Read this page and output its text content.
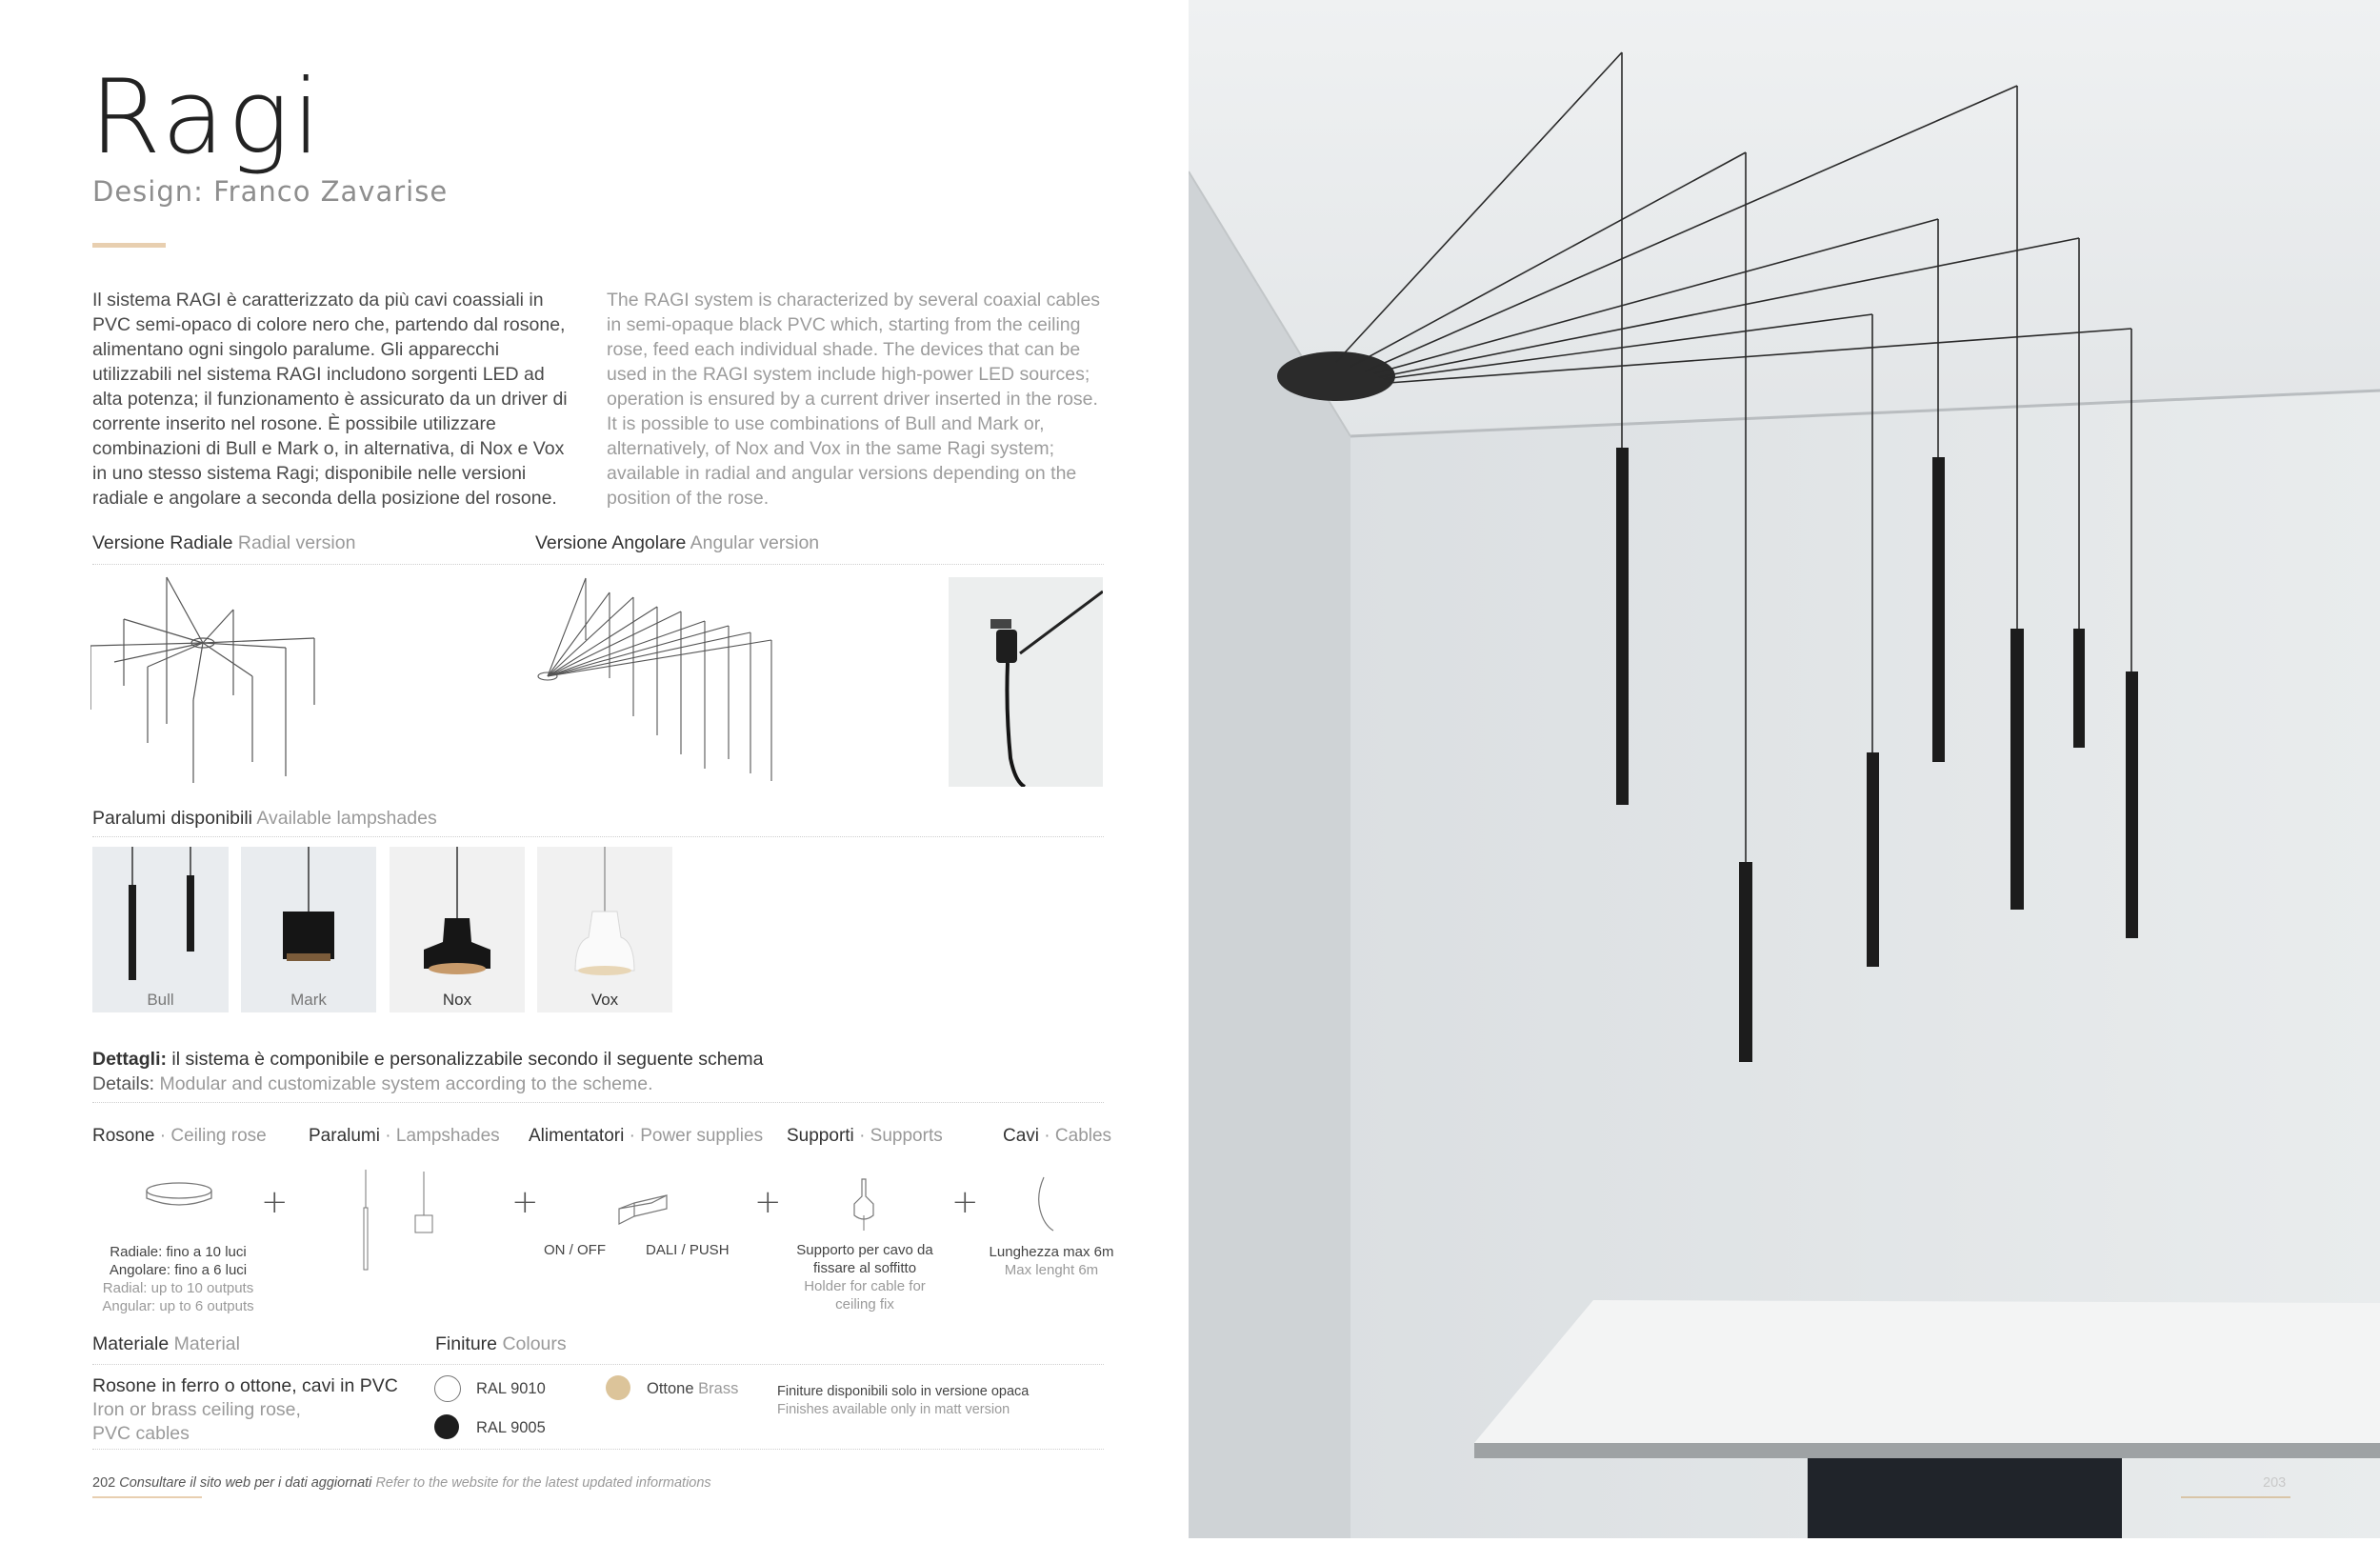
Ragi
Design: Franco Zavarise
Il sistema RAGI è caratterizzato da più cavi coassiali in PVC semi-opaco di colore nero che, partendo dal rosone, alimentano ogni singolo paralume. Gli apparecchi utilizzabili nel sistema RAGI includono sorgenti LED ad alta potenza; il funzionamento è assicurato da un driver di corrente inserito nel rosone. È possibile utilizzare combinazioni di Bull e Mark o, in alternativa, di Nox e Vox in uno stesso sistema Ragi; disponibile nelle versioni radiale e angolare a seconda della posizione del rosone.
The RAGI system is characterized by several coaxial cables in semi-opaque black PVC which, starting from the ceiling rose, feed each individual shade. The devices that can be used in the RAGI system include high-power LED sources; operation is ensured by a current driver inserted in the rose. It is possible to use combinations of Bull and Mark or, alternatively, of Nox and Vox in the same Ragi system; available in radial and angular versions depending on the position of the rose.
Versione Radiale Radial version	Versione Angolare Angular version
Paralumi disponibili Available lampshades
Bull	Mark	Nox	Vox
Dettagli: il sistema è componibile e personalizzabile secondo il seguente schema
Details: Modular and customizable system according to the scheme.
Rosone · Ceiling rose Paralumi · Lampshades Alimentatori · Power supplies Supporti · Supports	Cavi · Cables
+	+
ON / OFF	DALI / PUSH
+	+
Radiale: fino a 10 luci
Angolare: fino a 6 luci
Radial: up to 10 outputs
Angular: up to 6 outputs
Supporto per cavo da
fissare al soffitto
Holder for cable for
ceiling fix
Lunghezza max 6m
Max lenght 6m
Materiale Material	Finiture Colours
Rosone in ferro o ottone, cavi in PVC
Iron or brass ceiling rose,
PVC cables
RAL 9010
RAL 9005
Ottone Brass	Finiture disponibili solo in versione opaca
Finishes available only in matt version
202 Consultare il sito web per i dati aggiornati Refer to the website for the latest updated informations	203
